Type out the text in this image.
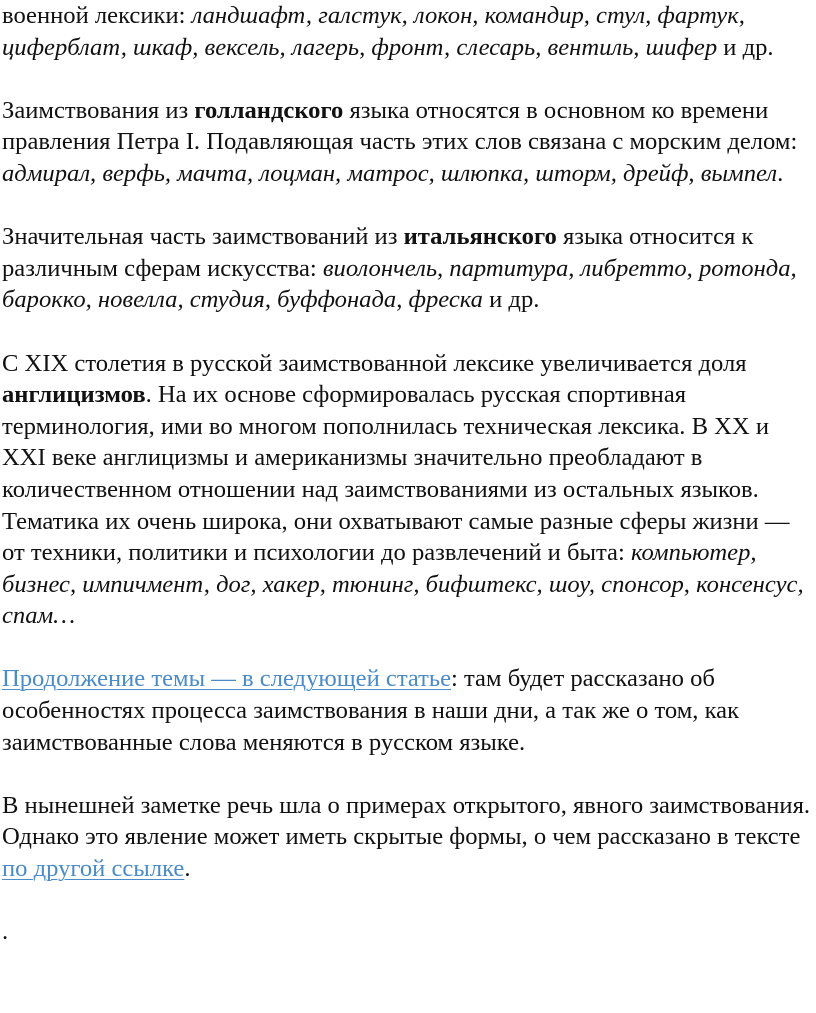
военной лексики: ландшафт, галстук, локон, командир, стул, фартук, циферблат, шкаф, вексель, лагерь, фронт, слесарь, вентиль, шифер и др.

Заимствования из голландского языка относятся в основном ко времени правления Петра I. Подавляющая часть этих слов связана с морским делом: адмирал, верфь, мачта, лоцман, матрос, шлюпка, шторм, дрейф, вымпел.

Значительная часть заимствований из итальянского языка относится к различным сферам искусства: виолончель, партитура, либретто, ротонда, барокко, новелла, студия, буффонада, фреска и др.

С XIX столетия в русской заимствованной лексике увеличивается доля англицизмов. На их основе сформировалась русская спортивная терминология, ими во многом пополнилась техническая лексика. В XX и XXI веке англицизмы и американизмы значительно преобладают в количественном отношении над заимствованиями из остальных языков. Тематика их очень широка, они охватывают самые разные сферы жизни — от техники, политики и психологии до развлечений и быта: компьютер, бизнес, импичмент, дог, хакер, тюнинг, бифштекс, шоу, спонсор, консенсус, спам…

Продолжение темы — в следующей статье: там будет рассказано об особенностях процесса заимствования в наши дни, а так же о том, как заимствованные слова меняются в русском языке.

В нынешней заметке речь шла о примерах открытого, явного заимствования. Однако это явление может иметь скрытые формы, о чем рассказано в тексте по другой ссылке.

.
